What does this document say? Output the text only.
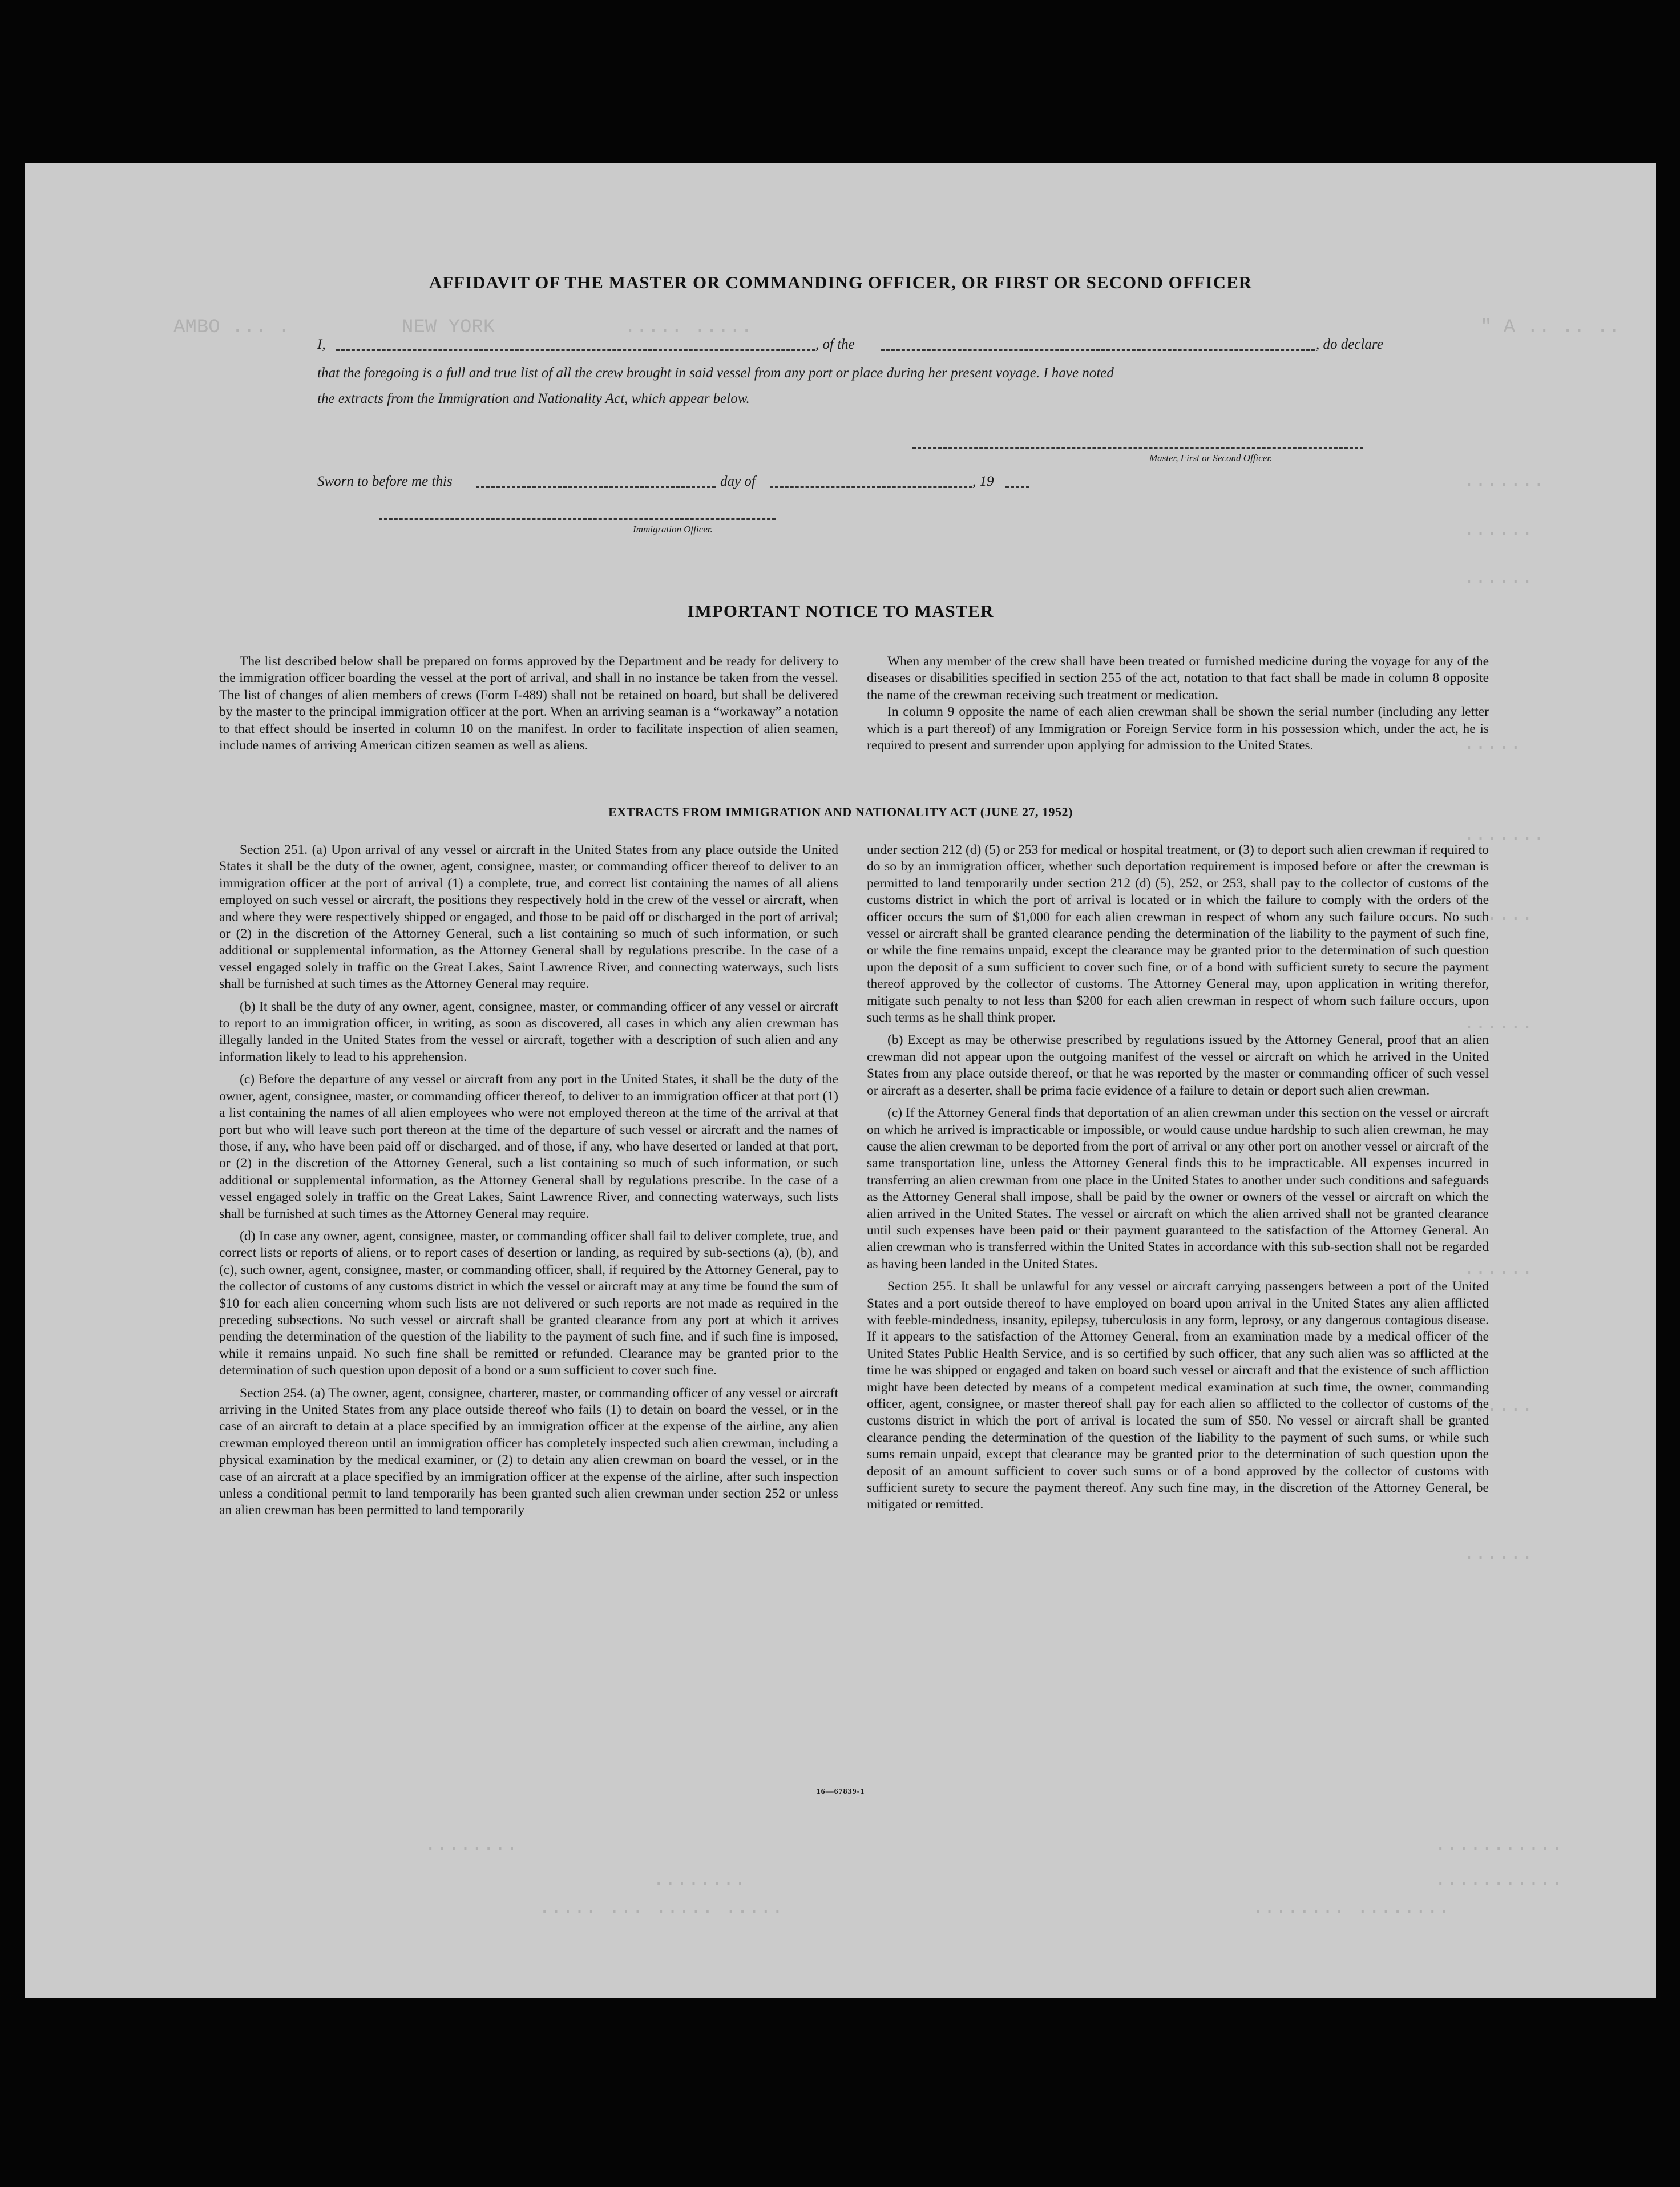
AMBO ... .	NEW YORK	..... .....	" A .. .. ..
.......
......
......
.....
.......
......
......
......
......
......
...........
...........
........ ........
........
........
..... ... ..... .....
AFFIDAVIT OF THE MASTER OR COMMANDING OFFICER, OR FIRST OR SECOND OFFICER
I,	, of the	, do declare
that the foregoing is a full and true list of all the crew brought in said vessel from any port or place during her present voyage. I have noted
the extracts from the Immigration and Nationality Act, which appear below.
Master, First or Second Officer.
Sworn to before me this	day of	, 19
Immigration Officer.
IMPORTANT NOTICE TO MASTER

The list described below shall be prepared on forms approved by the Department and be ready for delivery to the immigration officer boarding the vessel at the port of arrival, and shall in no instance be taken from the vessel. The list of changes of alien members of crews (Form I-489) shall not be retained on board, but shall be delivered by the master to the principal immigration officer at the port. When an arriving seaman is a “workaway” a notation to that effect should be inserted in column 10 on the manifest. In order to facilitate inspection of alien seamen, include names of arriving American citizen seamen as well as aliens.

When any member of the crew shall have been treated or furnished medicine during the voyage for any of the diseases or disabilities specified in section 255 of the act, notation to that fact shall be made in column 8 opposite the name of the crewman receiving such treatment or medication.

In column 9 opposite the name of each alien crewman shall be shown the serial number (including any letter which is a part thereof) of any Immigration or Foreign Service form in his possession which, under the act, he is required to present and surrender upon applying for admission to the United States.

EXTRACTS FROM IMMIGRATION AND NATIONALITY ACT (JUNE 27, 1952)

Section 251. (a) Upon arrival of any vessel or aircraft in the United States from any place outside the United States it shall be the duty of the owner, agent, consignee, master, or commanding officer thereof to deliver to an immigration officer at the port of arrival (1) a complete, true, and correct list containing the names of all aliens employed on such vessel or aircraft, the positions they respectively hold in the crew of the vessel or aircraft, when and where they were respectively shipped or engaged, and those to be paid off or discharged in the port of arrival; or (2) in the discretion of the Attorney General, such a list containing so much of such information, or such additional or supplemental information, as the Attorney General shall by regulations prescribe. In the case of a vessel engaged solely in traffic on the Great Lakes, Saint Lawrence River, and connecting waterways, such lists shall be furnished at such times as the Attorney General may require.

(b) It shall be the duty of any owner, agent, consignee, master, or commanding officer of any vessel or aircraft to report to an immigration officer, in writing, as soon as discovered, all cases in which any alien crewman has illegally landed in the United States from the vessel or aircraft, together with a description of such alien and any information likely to lead to his apprehension.

(c) Before the departure of any vessel or aircraft from any port in the United States, it shall be the duty of the owner, agent, consignee, master, or commanding officer thereof, to deliver to an immigration officer at that port (1) a list containing the names of all alien employees who were not employed thereon at the time of the arrival at that port but who will leave such port thereon at the time of the departure of such vessel or aircraft and the names of those, if any, who have been paid off or discharged, and of those, if any, who have deserted or landed at that port, or (2) in the discretion of the Attorney General, such a list containing so much of such information, or such additional or supplemental information, as the Attorney General shall by regulations prescribe. In the case of a vessel engaged solely in traffic on the Great Lakes, Saint Lawrence River, and connecting waterways, such lists shall be furnished at such times as the Attorney General may require.

(d) In case any owner, agent, consignee, master, or commanding officer shall fail to deliver complete, true, and correct lists or reports of aliens, or to report cases of desertion or landing, as required by sub-sections (a), (b), and (c), such owner, agent, consignee, master, or commanding officer, shall, if required by the Attorney General, pay to the collector of customs of any customs district in which the vessel or aircraft may at any time be found the sum of $10 for each alien concerning whom such lists are not delivered or such reports are not made as required in the preceding subsections. No such vessel or aircraft shall be granted clearance from any port at which it arrives pending the determination of the question of the liability to the payment of such fine, and if such fine is imposed, while it remains unpaid. No such fine shall be remitted or refunded. Clearance may be granted prior to the determination of such question upon deposit of a bond or a sum sufficient to cover such fine.

Section 254. (a) The owner, agent, consignee, charterer, master, or commanding officer of any vessel or aircraft arriving in the United States from any place outside thereof who fails (1) to detain on board the vessel, or in the case of an aircraft to detain at a place specified by an immigration officer at the expense of the airline, any alien crewman employed thereon until an immigration officer has completely inspected such alien crewman, including a physical examination by the medical examiner, or (2) to detain any alien crewman on board the vessel, or in the case of an aircraft at a place specified by an immigration officer at the expense of the airline, after such inspection unless a conditional permit to land temporarily has been granted such alien crewman under section 252 or unless an alien crewman has been permitted to land temporarily

under section 212 (d) (5) or 253 for medical or hospital treatment, or (3) to deport such alien crewman if required to do so by an immigration officer, whether such deportation requirement is imposed before or after the crewman is permitted to land temporarily under section 212 (d) (5), 252, or 253, shall pay to the collector of customs of the customs district in which the port of arrival is located or in which the failure to comply with the orders of the officer occurs the sum of $1,000 for each alien crewman in respect of whom any such failure occurs. No such vessel or aircraft shall be granted clearance pending the determination of the liability to the payment of such fine, or while the fine remains unpaid, except the clearance may be granted prior to the determination of such question upon the deposit of a sum sufficient to cover such fine, or of a bond with sufficient surety to secure the payment thereof approved by the collector of customs. The Attorney General may, upon application in writing therefor, mitigate such penalty to not less than $200 for each alien crewman in respect of whom such failure occurs, upon such terms as he shall think proper.

(b) Except as may be otherwise prescribed by regulations issued by the Attorney General, proof that an alien crewman did not appear upon the outgoing manifest of the vessel or aircraft on which he arrived in the United States from any place outside thereof, or that he was reported by the master or commanding officer of such vessel or aircraft as a deserter, shall be prima facie evidence of a failure to detain or deport such alien crewman.

(c) If the Attorney General finds that deportation of an alien crewman under this section on the vessel or aircraft on which he arrived is impracticable or impossible, or would cause undue hardship to such alien crewman, he may cause the alien crewman to be deported from the port of arrival or any other port on another vessel or aircraft of the same transportation line, unless the Attorney General finds this to be impracticable. All expenses incurred in transferring an alien crewman from one place in the United States to another under such conditions and safeguards as the Attorney General shall impose, shall be paid by the owner or owners of the vessel or aircraft on which the alien arrived in the United States. The vessel or aircraft on which the alien arrived shall not be granted clearance until such expenses have been paid or their payment guaranteed to the satisfaction of the Attorney General. An alien crewman who is transferred within the United States in accordance with this sub-section shall not be regarded as having been landed in the United States.

Section 255. It shall be unlawful for any vessel or aircraft carrying passengers between a port of the United States and a port outside thereof to have employed on board upon arrival in the United States any alien afflicted with feeble-mindedness, insanity, epilepsy, tuberculosis in any form, leprosy, or any dangerous contagious disease. If it appears to the satisfaction of the Attorney General, from an examination made by a medical officer of the United States Public Health Service, and is so certified by such officer, that any such alien was so afflicted at the time he was shipped or engaged and taken on board such vessel or aircraft and that the existence of such affliction might have been detected by means of a competent medical examination at such time, the owner, commanding officer, agent, consignee, or master thereof shall pay for each alien so afflicted to the collector of customs of the customs district in which the port of arrival is located the sum of $50. No vessel or aircraft shall be granted clearance pending the determination of the question of the liability to the payment of such sums, or while such sums remain unpaid, except that clearance may be granted prior to the determination of such question upon the deposit of an amount sufficient to cover such sums or of a bond approved by the collector of customs with sufficient surety to secure the payment thereof. Any such fine may, in the discretion of the Attorney General, be mitigated or remitted.

16—67839-1
